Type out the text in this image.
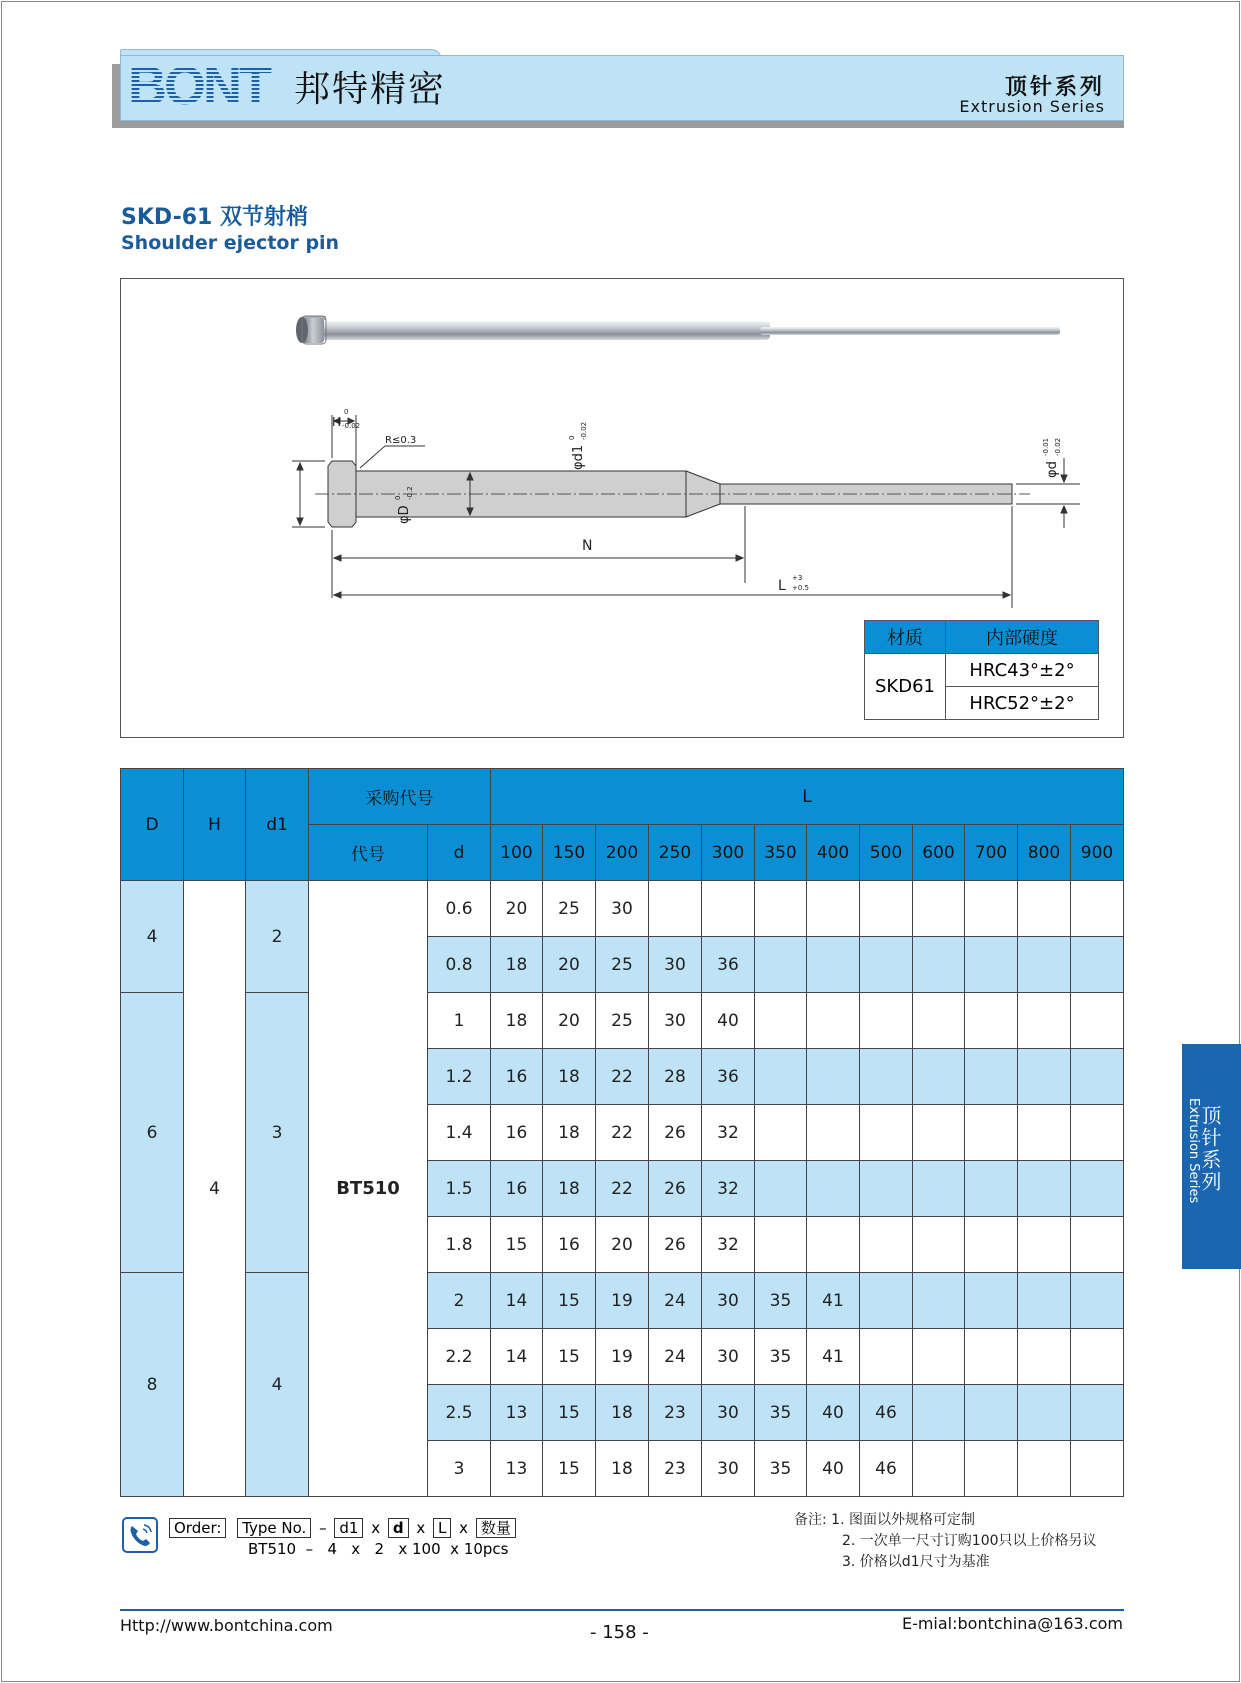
BONT 邦特精密	顶针系列
Extrusion Series
SKD-61 双节射梢
Shoulder ejector pin
H
0
-0.02
R≤0.3
φd1
0 -0.02
φD
0 -0.2
φd
-0.01 -0.02
N
L +3
+0.5
材质	内部硬度
SKD61	HRC43°±2°
	HRC52°±2°
D	H	d1	采购代号		L											
			代号	d	100	150	200	250	300	350	400	500	600	700	800	900
4	4	2	BT510	0.6	20	25	30									
				0.8	18	20	25	30	36							
6		3		1	18	20	25	30	40							
				1.2	16	18	22	28	36							
				1.4	16	18	22	26	32							
				1.5	16	18	22	26	32							
				1.8	15	16	20	26	32							
8		4		2	14	15	19	24	30	35	41					
				2.2	14	15	19	24	30	35	41					
				2.5	13	15	18	23	30	35	40	46				
				3	13	15	18	23	30	35	40	46				
Order: Type No. – d1 x d x L x 数量
BT510  –   4   x   2   x 100  x 10pcs
备注: 1. 图面以外规格可定制
2. 一次单一尺寸订购100只以上价格另议
3. 价格以d1尺寸为基准
Http://www.bontchina.com	- 158 -	E-mial:bontchina@163.com
顶针系列
Extrusion Series
